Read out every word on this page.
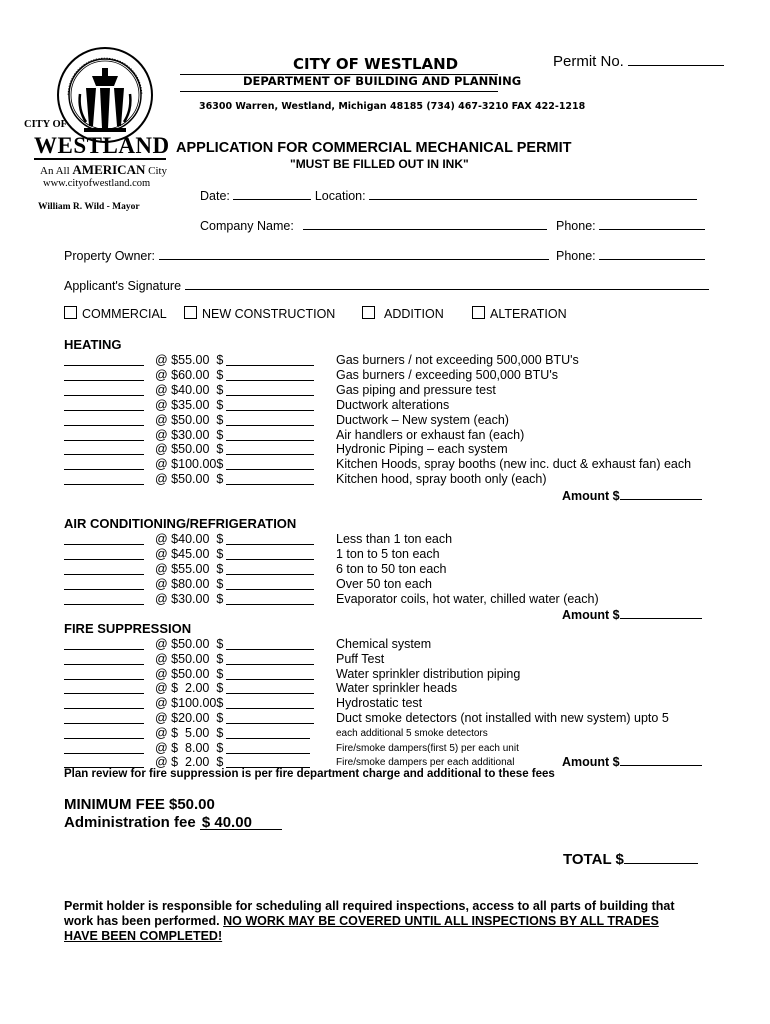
CITY OF
WESTLAND
An All AMERICAN City
www.cityofwestland.com
William R. Wild - Mayor
CITY OF WESTLAND
DEPARTMENT OF BUILDING AND PLANNING
36300 Warren, Westland, Michigan 48185 (734) 467-3210 FAX 422-1218
Permit No.
APPLICATION FOR COMMERCIAL MECHANICAL PERMIT
"MUST BE FILLED OUT IN INK"
Date:	Location:
Company Name:	Phone:
Property Owner:	Phone:
Applicant's Signature
COMMERCIAL	NEW CONSTRUCTION	ADDITION	ALTERATION
HEATING
@ $55.00  $	Gas burners / not exceeding 500,000 BTU's
@ $60.00  $	Gas burners / exceeding 500,000 BTU's
@ $40.00  $	Gas piping and pressure test
@ $35.00  $	Ductwork alterations
@ $50.00  $	Ductwork – New system (each)
@ $30.00  $	Air handlers or exhaust fan (each)
@ $50.00  $	Hydronic Piping – each system
@ $100.00$	Kitchen Hoods, spray booths (new inc. duct & exhaust fan) each
@ $50.00  $	Kitchen hood, spray booth only (each)
Amount $
AIR CONDITIONING/REFRIGERATION
@ $40.00  $	Less than 1 ton each
@ $45.00  $	1 ton to 5 ton each
@ $55.00  $	6 ton to 50 ton each
@ $80.00  $	Over 50 ton each
@ $30.00  $	Evaporator coils, hot water, chilled water (each)
Amount $
FIRE SUPPRESSION
@ $50.00  $	Chemical system
@ $50.00  $	Puff Test
@ $50.00  $	Water sprinkler distribution piping
@ $  2.00  $	Water sprinkler heads
@ $100.00$	Hydrostatic test
@ $20.00  $	Duct smoke detectors (not installed with new system) upto 5
@ $  5.00  $	each additional 5 smoke detectors
@ $  8.00  $	Fire/smoke dampers(first 5) per each unit
@ $  2.00  $	Fire/smoke dampers per each additional	Amount $
Plan review for fire suppression is per fire department charge and additional to these fees
MINIMUM FEE $50.00
Administration fee $ 40.00
TOTAL $
Permit holder is responsible for scheduling all required inspections, access to all parts of building that
work has been performed. NO WORK MAY BE COVERED UNTIL ALL INSPECTIONS BY ALL TRADES
HAVE BEEN COMPLETED!
